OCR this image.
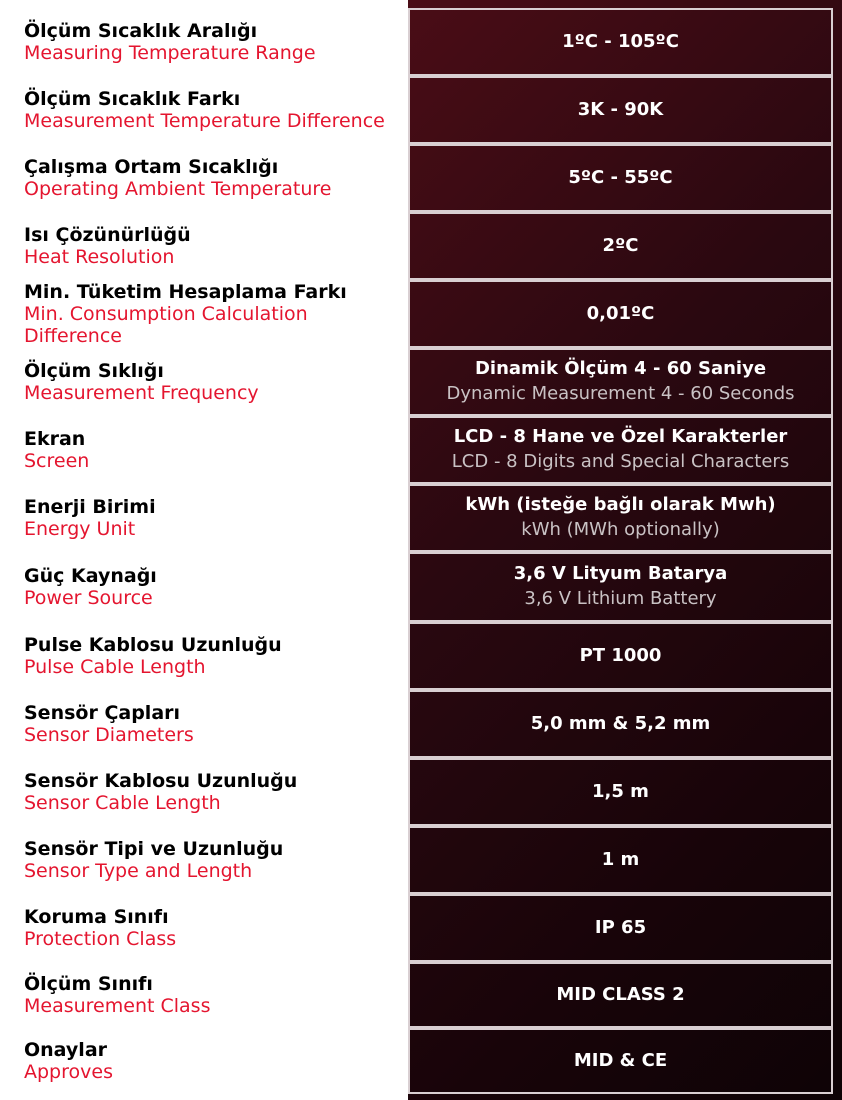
Ölçüm Sıcaklık Aralığı
Measuring Temperature Range
1ºC - 105ºC
Ölçüm Sıcaklık Farkı
Measurement Temperature Difference
3K - 90K
Çalışma Ortam Sıcaklığı
Operating Ambient Temperature
5ºC - 55ºC
Isı Çözünürlüğü
Heat Resolution
2ºC
Min. Tüketim Hesaplama Farkı
Min. Consumption Calculation Difference
0,01ºC
Ölçüm Sıklığı
Measurement Frequency
Dinamik Ölçüm 4 - 60 Saniye
Dynamic Measurement 4 - 60 Seconds
Ekran
Screen
LCD - 8 Hane ve Özel Karakterler
LCD - 8 Digits and Special Characters
Enerji Birimi
Energy Unit
kWh (isteğe bağlı olarak Mwh)
kWh (MWh optionally)
Güç Kaynağı
Power Source
3,6 V Lityum Batarya
3,6 V Lithium Battery
Pulse Kablosu Uzunluğu
Pulse Cable Length
PT 1000
Sensör Çapları
Sensor Diameters
5,0 mm & 5,2 mm
Sensör Kablosu Uzunluğu
Sensor Cable Length
1,5 m
Sensör Tipi ve Uzunluğu
Sensor Type and Length
1 m
Koruma Sınıfı
Protection Class
IP 65
Ölçüm Sınıfı
Measurement Class
MID CLASS 2
Onaylar
Approves
MID & CE
